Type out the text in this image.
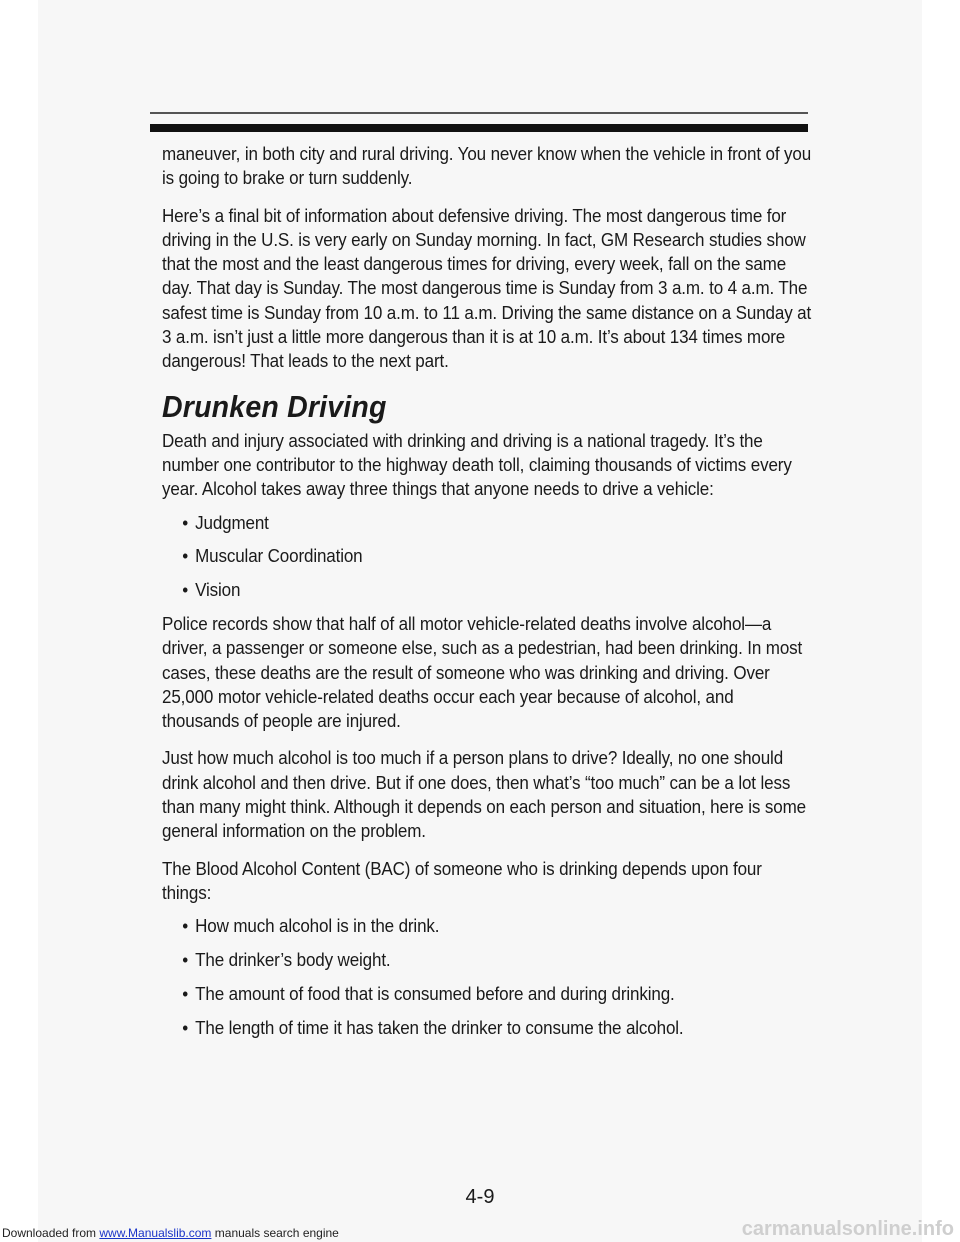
maneuver, in both city and rural driving. You never know when the vehicle in front of you is going to brake or turn suddenly.

Here’s a final bit of information about defensive driving. The most dangerous time for driving in the U.S. is very early on Sunday morning. In fact, GM Research studies show that the most and the least dangerous times for driving, every week, fall on the same day. That day is Sunday. The most dangerous time is Sunday from 3 a.m. to 4 a.m. The safest time is Sunday from 10 a.m. to 11 a.m. Driving the same distance on a Sunday at 3 a.m. isn’t just a little more dangerous than it is at 10 a.m. It’s about 134 times more dangerous! That leads to the next part.

Drunken Driving

Death and injury associated with drinking and driving is a national tragedy. It’s the number one contributor to the highway death toll, claiming thousands of victims every year. Alcohol takes away three things that anyone needs to drive a vehicle:

• Judgment
• Muscular Coordination
• Vision

Police records show that half of all motor vehicle-related deaths involve alcohol—a driver, a passenger or someone else, such as a pedestrian, had been drinking. In most cases, these deaths are the result of someone who was drinking and driving. Over 25,000 motor vehicle-related deaths occur each year because of alcohol, and thousands of people are injured.

Just how much alcohol is too much if a person plans to drive? Ideally, no one should drink alcohol and then drive. But if one does, then what’s “too much” can be a lot less than many might think. Although it depends on each person and situation, here is some general information on the problem.

The Blood Alcohol Content (BAC) of someone who is drinking depends upon four things:

• How much alcohol is in the drink.
• The drinker’s body weight.
• The amount of food that is consumed before and during drinking.
• The length of time it has taken the drinker to consume the alcohol.
4-9
Downloaded from www.Manualslib.com manuals search engine	carmanualsonline.info
